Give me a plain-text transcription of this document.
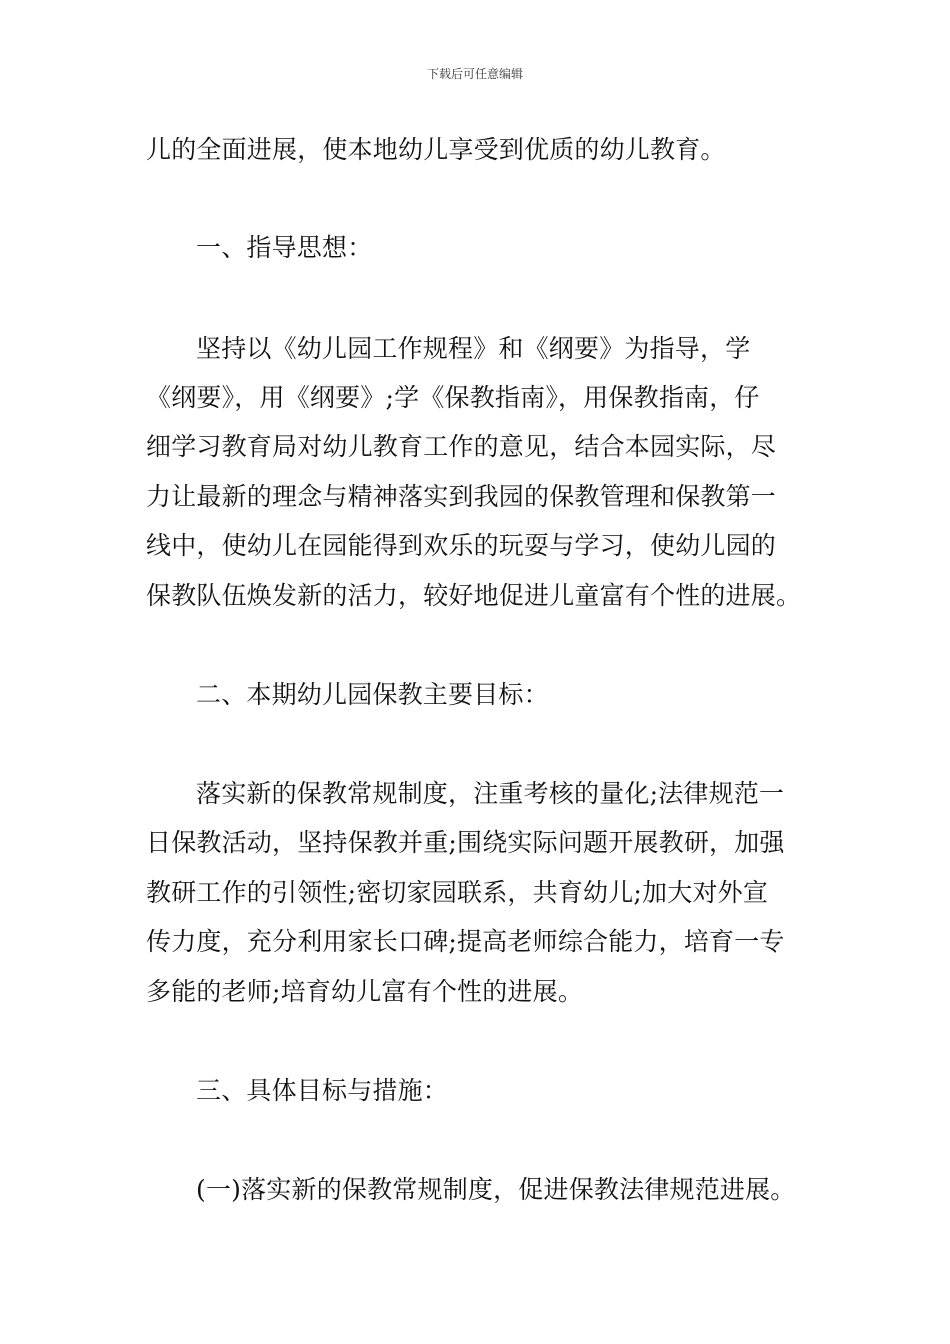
下载后可任意编辑
儿的全面进展，使本地幼儿享受到优质的幼儿教育。
一、指导思想：
坚持以《幼儿园工作规程》和《纲要》为指导，学
《纲要》，用《纲要》;学《保教指南》，用保教指南，仔
细学习教育局对幼儿教育工作的意见，结合本园实际，尽
力让最新的理念与精神落实到我园的保教管理和保教第一
线中，使幼儿在园能得到欢乐的玩耍与学习，使幼儿园的
保教队伍焕发新的活力，较好地促进儿童富有个性的进展。
二、本期幼儿园保教主要目标：
落实新的保教常规制度，注重考核的量化;法律规范一
日保教活动，坚持保教并重;围绕实际问题开展教研，加强
教研工作的引领性;密切家园联系，共育幼儿;加大对外宣
传力度，充分利用家长口碑;提高老师综合能力，培育一专
多能的老师;培育幼儿富有个性的进展。
三、具体目标与措施：
(一)落实新的保教常规制度，促进保教法律规范进展。
